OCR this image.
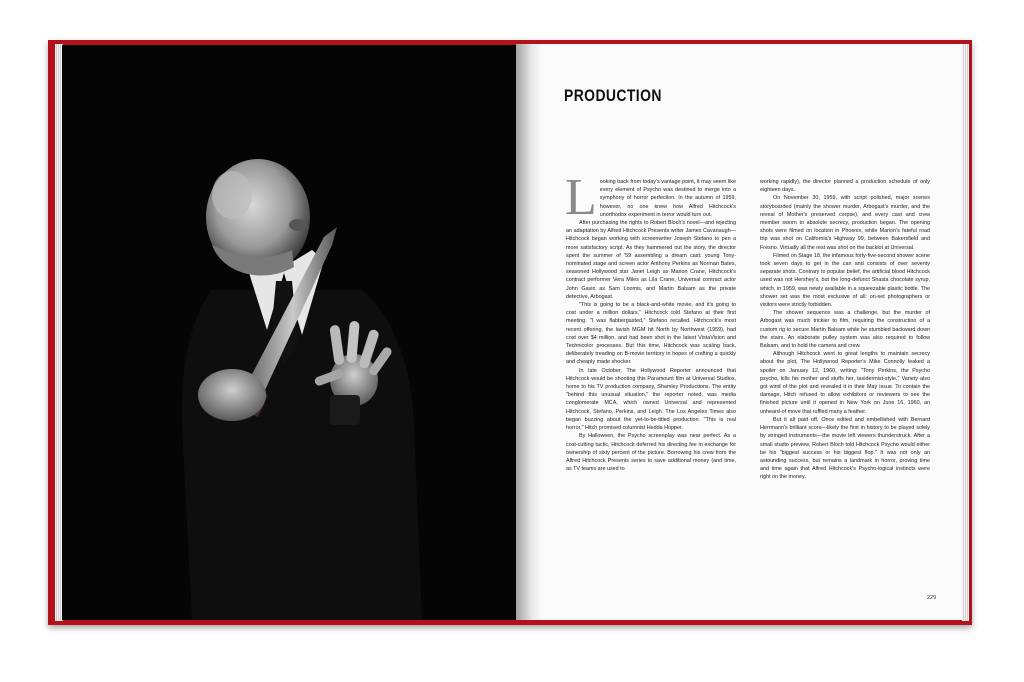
PRODUCTION

Looking back from today's vantage point, it may seem like every element of Psycho was destined to merge into a symphony of horror perfection. In the autumn of 1959, however, no one knew how Alfred Hitchcock's unorthodox experiment in terror would turn out.

After purchasing the rights to Robert Bloch's novel—and rejecting an adaptation by Alfred Hitchcock Presents writer James Cavanaugh—Hitchcock began working with screenwriter Joseph Stefano to pen a more satisfactory script. As they hammered out the story, the director spent the summer of '59 assembling a dream cast: young Tony-nominated stage and screen actor Anthony Perkins as Norman Bates, seasoned Hollywood star Janet Leigh as Marion Crane, Hitchcock's contract performer Vera Miles as Lila Crane, Universal contract actor John Gavin as Sam Loomis, and Martin Balsam as the private detective, Arbogast.

"This is going to be a black-and-white movie, and it's going to cost under a million dollars," Hitchcock told Stefano at their first meeting. "I was flabbergasted," Stefano recalled. Hitchcock's most recent offering, the lavish MGM hit North by Northwest (1959), had cost over $4 million, and had been shot in the latest VistaVision and Technicolor processes. But this time, Hitchcock was scaling back, deliberately treading on B-movie territory in hopes of crafting a quickly and cheaply made shocker.

In late October, The Hollywood Reporter announced that Hitchcock would be shooting this Paramount film at Universal Studios, home to his TV production company, Shamley Productions. The entity "behind this unusual situation," the reporter noted, was media conglomerate MCA, which owned Universal and represented Hitchcock, Stefano, Perkins, and Leigh. The Los Angeles Times also began buzzing about the yet-to-be-titled production. "This is real horror," Hitch promised columnist Hedda Hopper.

By Halloween, the Psycho screenplay was near perfect. As a cost-cutting tactic, Hitchcock deferred his directing fee in exchange for ownership of sixty percent of the picture. Borrowing his crew from the Alfred Hitchcock Presents series to save additional money (and time, as TV teams are used to

working rapidly), the director planned a production schedule of only eighteen days.

On November 30, 1959, with script polished, major scenes storyboarded (mainly the shower murder, Arbogast's murder, and the reveal of Mother's preserved corpse), and every cast and crew member sworn to absolute secrecy, production began. The opening shots were filmed on location in Phoenix, while Marion's fateful road trip was shot on California's Highway 99, between Bakersfield and Fresno. Virtually all the rest was shot on the backlot at Universal.

Filmed on Stage 18, the infamous forty-five-second shower scene took seven days to get in the can and consists of over seventy separate shots. Contrary to popular belief, the artificial blood Hitchcock used was not Hershey's, but the long-defunct Shasta chocolate syrup, which, in 1959, was newly available in a squeezable plastic bottle. The shower set was the most exclusive of all: on-set photographers or visitors were strictly forbidden.

The shower sequence was a challenge, but the murder of Arbogast was much trickier to film, requiring the construction of a custom rig to secure Martin Balsam while he stumbled backward down the stairs. An elaborate pulley system was also required to follow Balsam, and to hold the camera and crew.

Although Hitchcock went to great lengths to maintain secrecy about the plot, The Hollywood Reporter's Mike Connolly leaked a spoiler on January 12, 1960, writing: "Tony Perkins, the Psycho psycho, kills his mother and stuffs her, taxidermist-style." Variety also got wind of the plot and revealed it in their May issue. To contain the damage, Hitch refused to allow exhibitors or reviewers to see the finished picture until it opened in New York on June 16, 1960, an unheard-of move that ruffled many a feather.

But it all paid off. Once edited and embellished with Bernard Herrmann's brilliant score—likely the first in history to be played solely by stringed instruments—the movie left viewers thunderstruck. After a small studio preview, Robert Bloch told Hitchcock Psycho would either be his "biggest success or his biggest flop." It was not only an astounding success, but remains a landmark in horror, proving time and time again that Alfred Hitchcock's Psycho-logical instincts were right on the money.

229
